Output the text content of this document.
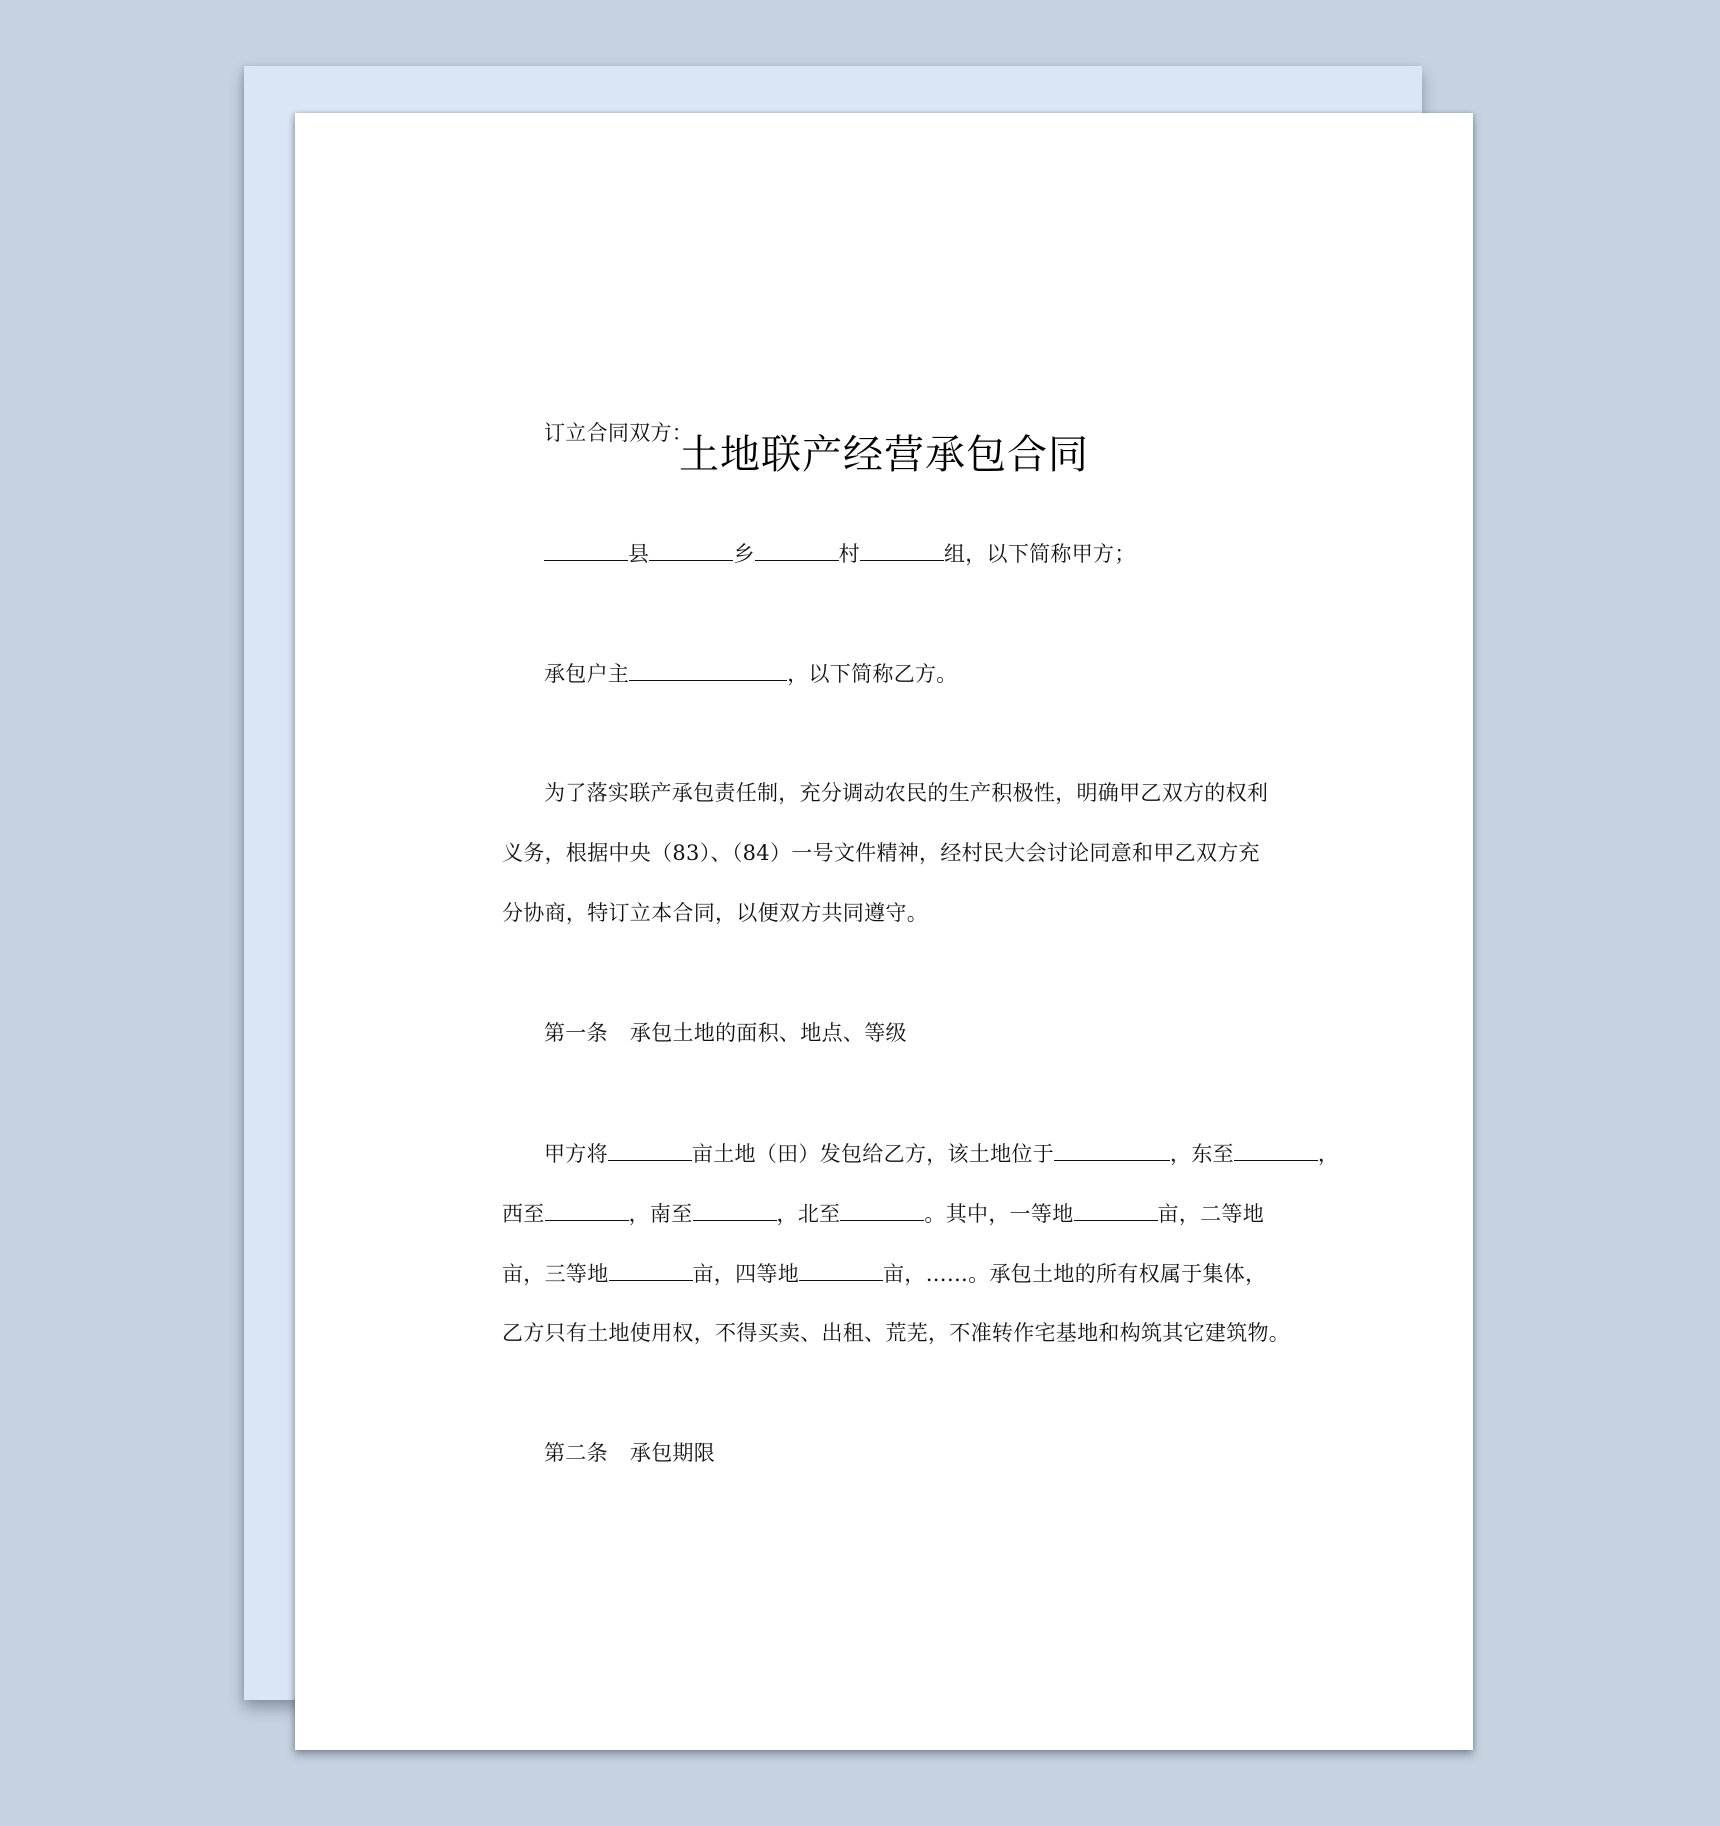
土地联产经营承包合同
订立合同双方：
县	乡	村	组，以下简称甲方；
承包户主	，以下简称乙方。
为了落实联产承包责任制，充分调动农民的生产积极性，明确甲乙双方的权利
义务，根据中央（83）、（84）一号文件精神，经村民大会讨论同意和甲乙双方充
分协商，特订立本合同，以便双方共同遵守。
第一条 承包土地的面积、地点、等级
甲方将	亩土地（田）发包给乙方，该土地位于	，东至	，
西至	，南至	，北至	。其中，一等地	亩，二等地
亩，三等地	亩，四等地	亩，……。承包土地的所有权属于集体，
乙方只有土地使用权，不得买卖、出租、荒芜，不准转作宅基地和构筑其它建筑物。
第二条 承包期限
